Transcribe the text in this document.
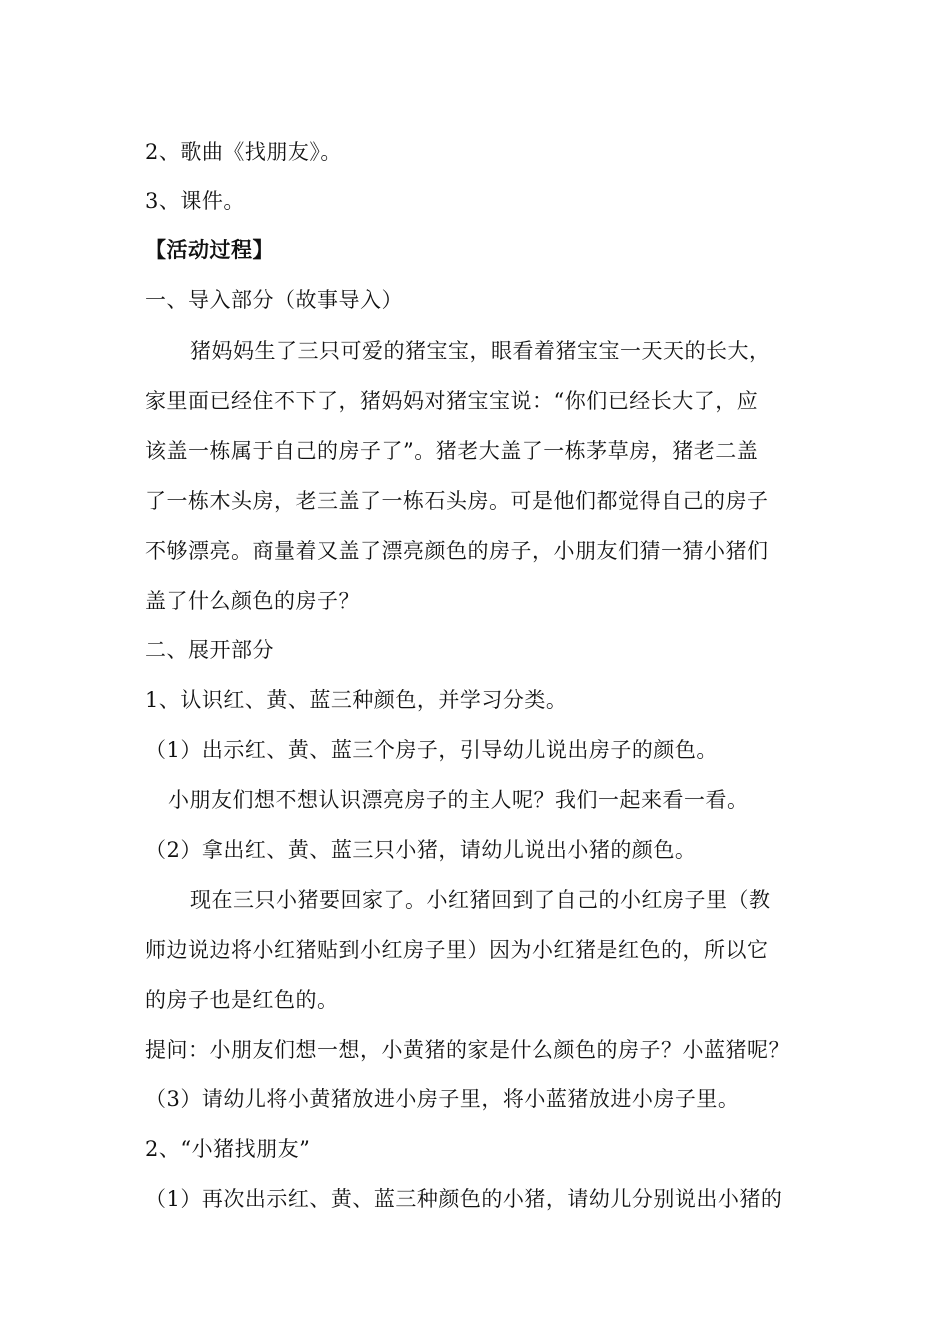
2、歌曲《找朋友》。
3、课件。
【活动过程】
一、导入部分（故事导入）
猪妈妈生了三只可爱的猪宝宝，眼看着猪宝宝一天天的长大，
家里面已经住不下了，猪妈妈对猪宝宝说：“你们已经长大了，应
该盖一栋属于自己的房子了”。猪老大盖了一栋茅草房，猪老二盖
了一栋木头房，老三盖了一栋石头房。可是他们都觉得自己的房子
不够漂亮。商量着又盖了漂亮颜色的房子，小朋友们猜一猜小猪们
盖了什么颜色的房子？
二、展开部分
1、认识红、黄、蓝三种颜色，并学习分类。
（1）出示红、黄、蓝三个房子，引导幼儿说出房子的颜色。
小朋友们想不想认识漂亮房子的主人呢？我们一起来看一看。
（2）拿出红、黄、蓝三只小猪，请幼儿说出小猪的颜色。
现在三只小猪要回家了。小红猪回到了自己的小红房子里（教
师边说边将小红猪贴到小红房子里）因为小红猪是红色的，所以它
的房子也是红色的。
提问：小朋友们想一想，小黄猪的家是什么颜色的房子？小蓝猪呢？
（3）请幼儿将小黄猪放进小房子里，将小蓝猪放进小房子里。
2、“小猪找朋友”
（1）再次出示红、黄、蓝三种颜色的小猪，请幼儿分别说出小猪的
